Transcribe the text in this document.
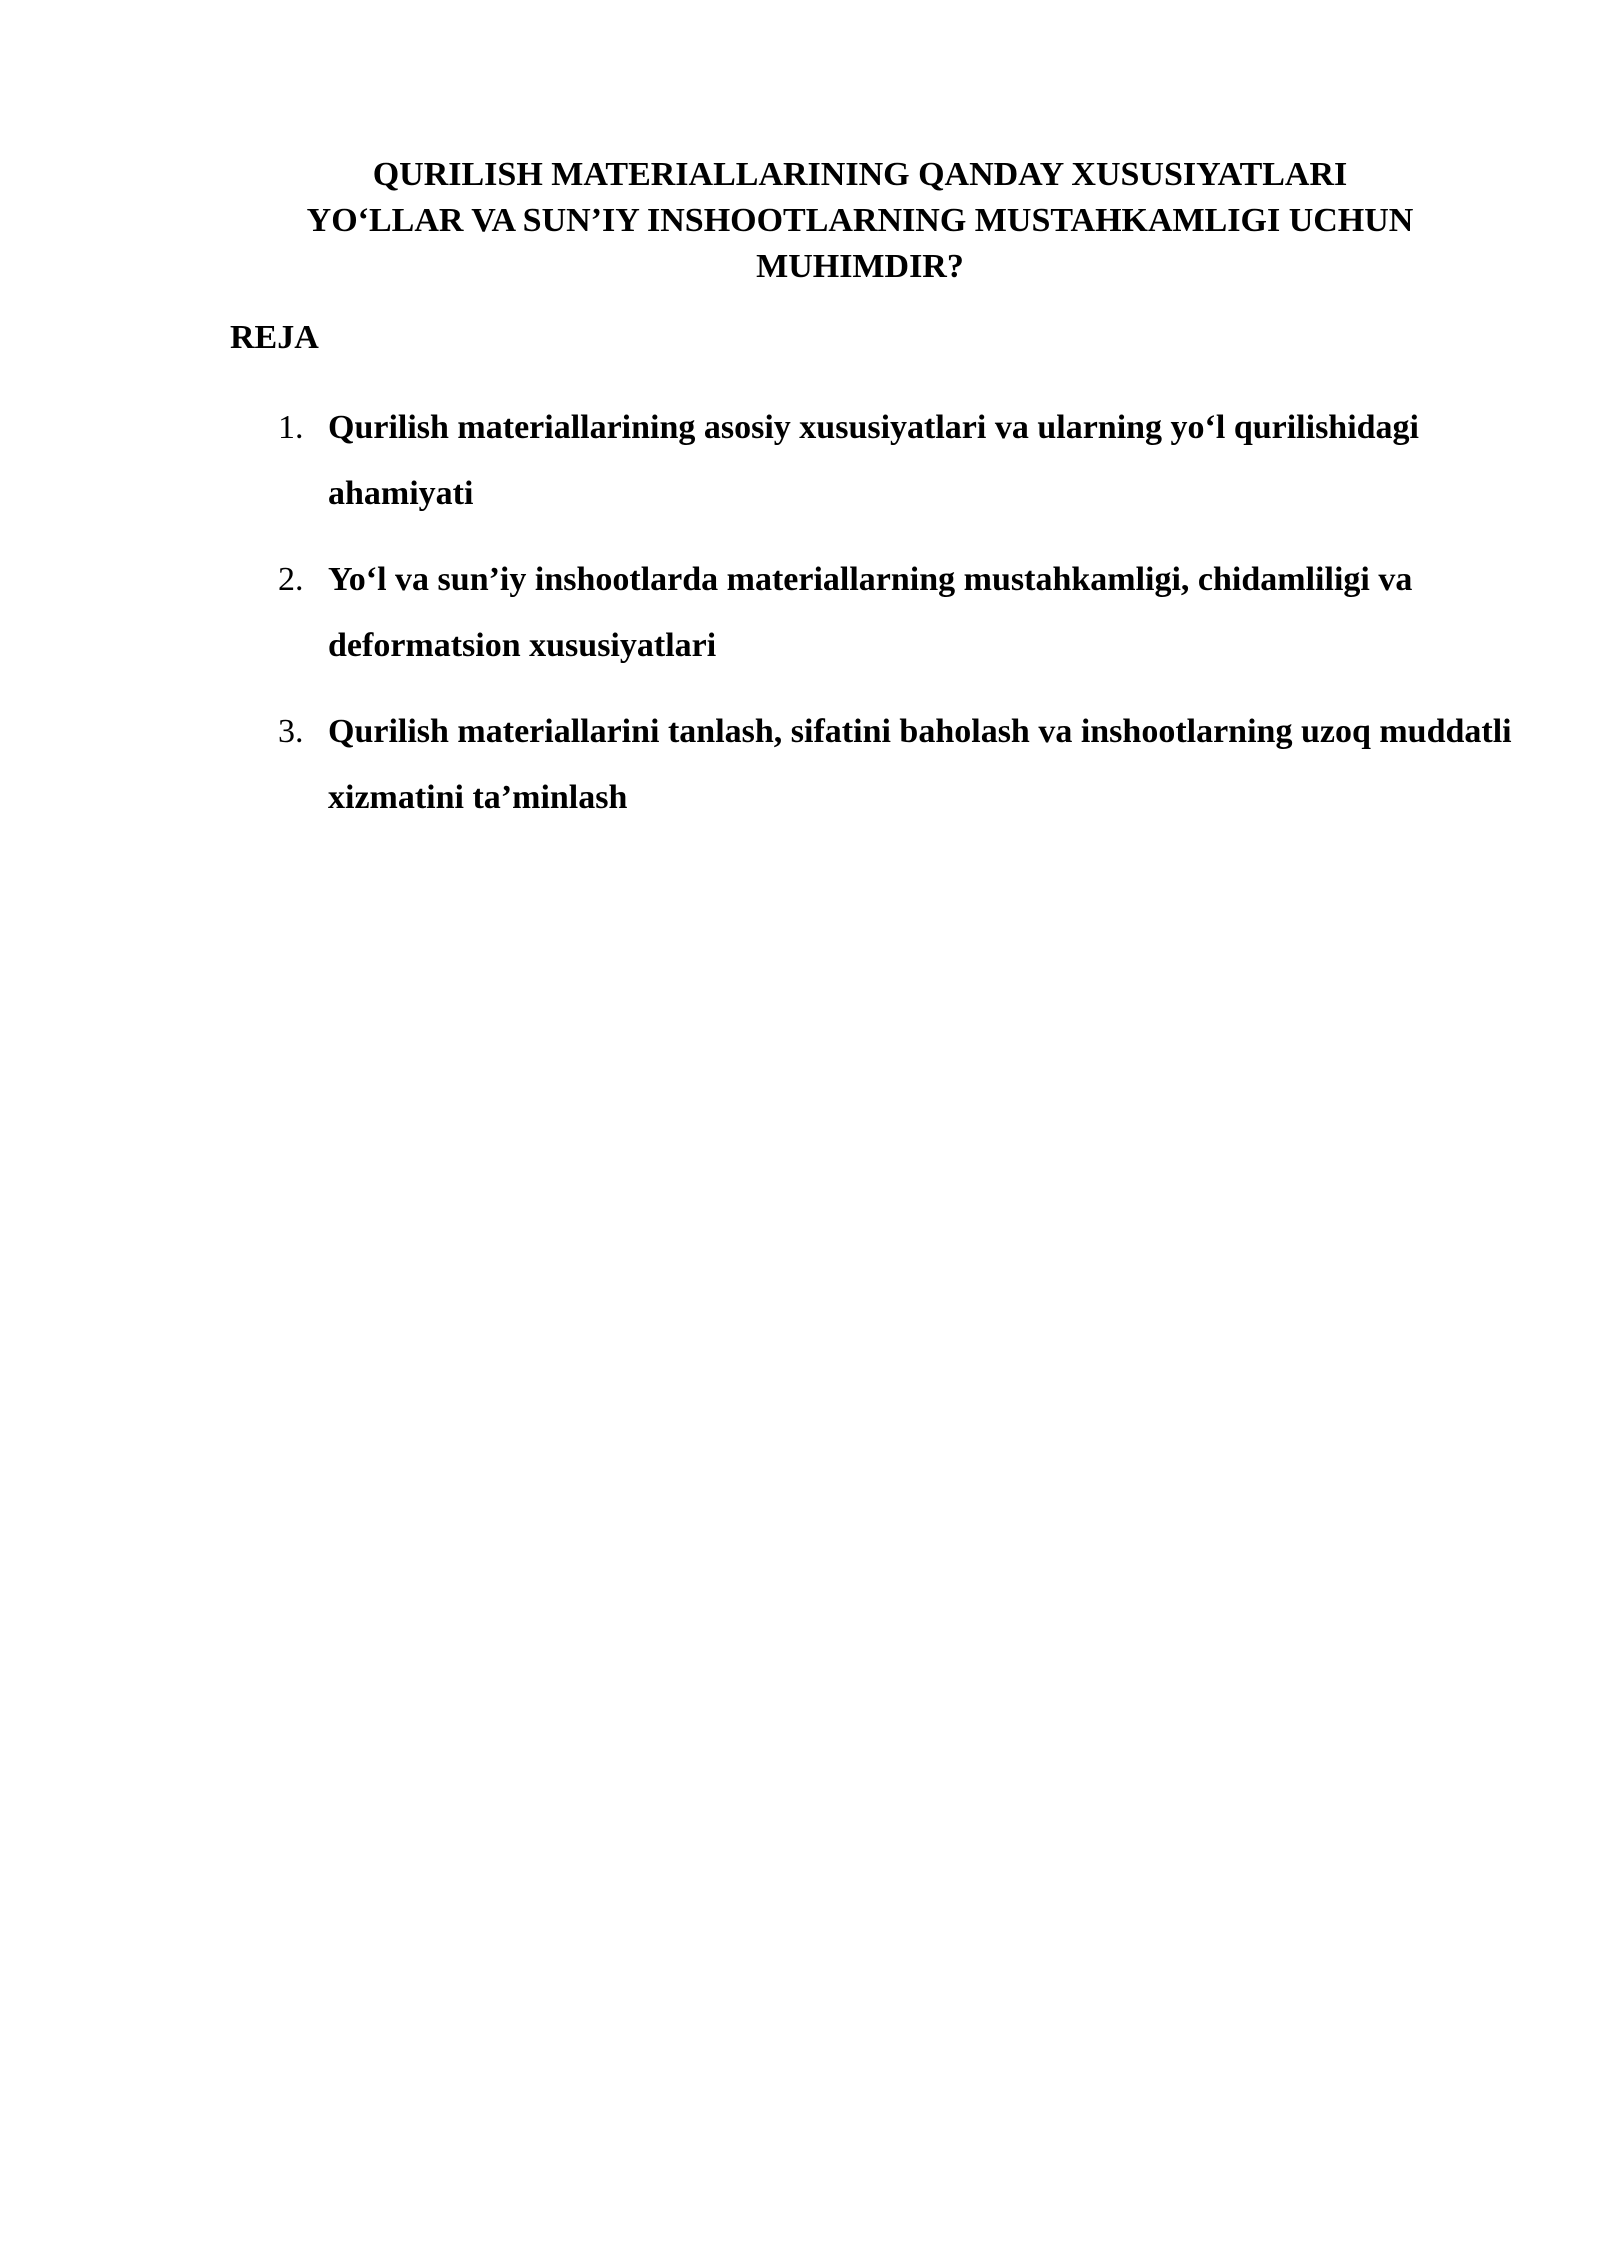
QURILISH MATERIALLARINING QANDAY XUSUSIYATLARI
YO‘LLAR VA SUN’IY INSHOOTLARNING MUSTAHKAMLIGI UCHUN
MUHIMDIR?
REJA
1. Qurilish materiallarining asosiy xususiyatlari va ularning yo‘l qurilishidagi ahamiyati
2. Yo‘l va sun’iy inshootlarda materiallarning mustahkamligi, chidamliligi va deformatsion xususiyatlari
3. Qurilish materiallarini tanlash, sifatini baholash va inshootlarning uzoq muddatli xizmatini ta’minlash
